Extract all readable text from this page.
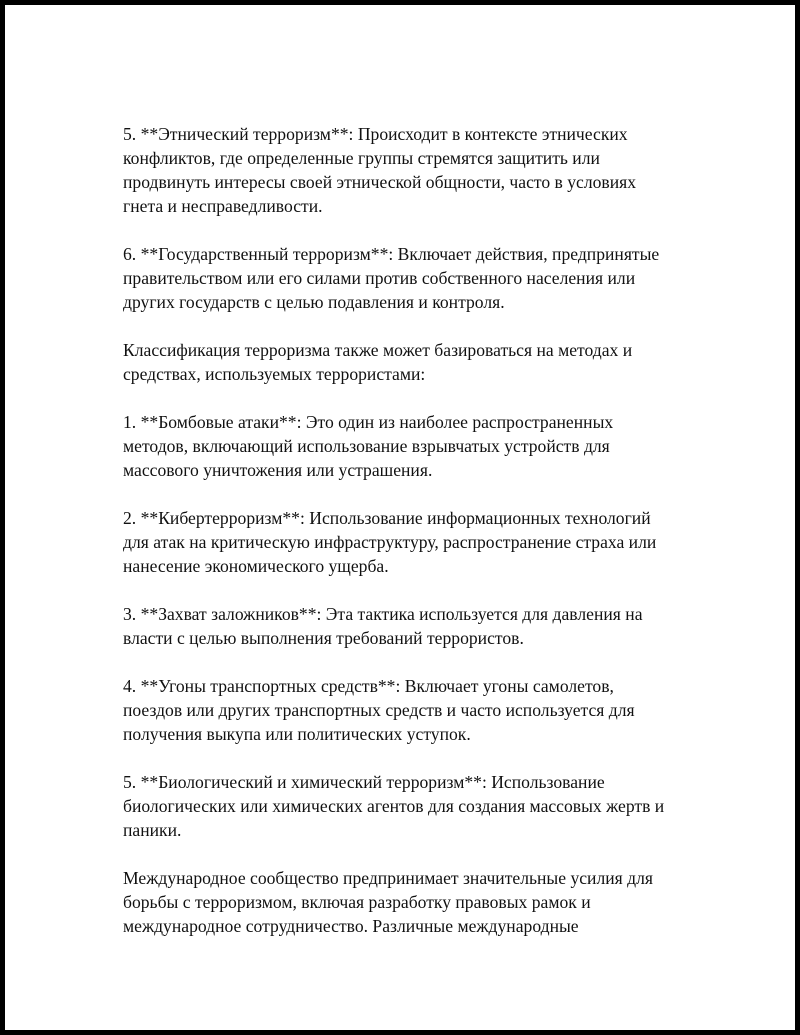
5. **Этнический терроризм**: Происходит в контексте этнических
конфликтов, где определенные группы стремятся защитить или
продвинуть интересы своей этнической общности, часто в условиях
гнета и несправедливости.

6. **Государственный терроризм**: Включает действия, предпринятые
правительством или его силами против собственного населения или
других государств с целью подавления и контроля.

Классификация терроризма также может базироваться на методах и
средствах, используемых террористами:

1. **Бомбовые атаки**: Это один из наиболее распространенных
методов, включающий использование взрывчатых устройств для
массового уничтожения или устрашения.

2. **Кибертерроризм**: Использование информационных технологий
для атак на критическую инфраструктуру, распространение страха или
нанесение экономического ущерба.

3. **Захват заложников**: Эта тактика используется для давления на
власти с целью выполнения требований террористов.

4. **Угоны транспортных средств**: Включает угоны самолетов,
поездов или других транспортных средств и часто используется для
получения выкупа или политических уступок.

5. **Биологический и химический терроризм**: Использование
биологических или химических агентов для создания массовых жертв и
паники.

Международное сообщество предпринимает значительные усилия для
борьбы с терроризмом, включая разработку правовых рамок и
международное сотрудничество. Различные международные
